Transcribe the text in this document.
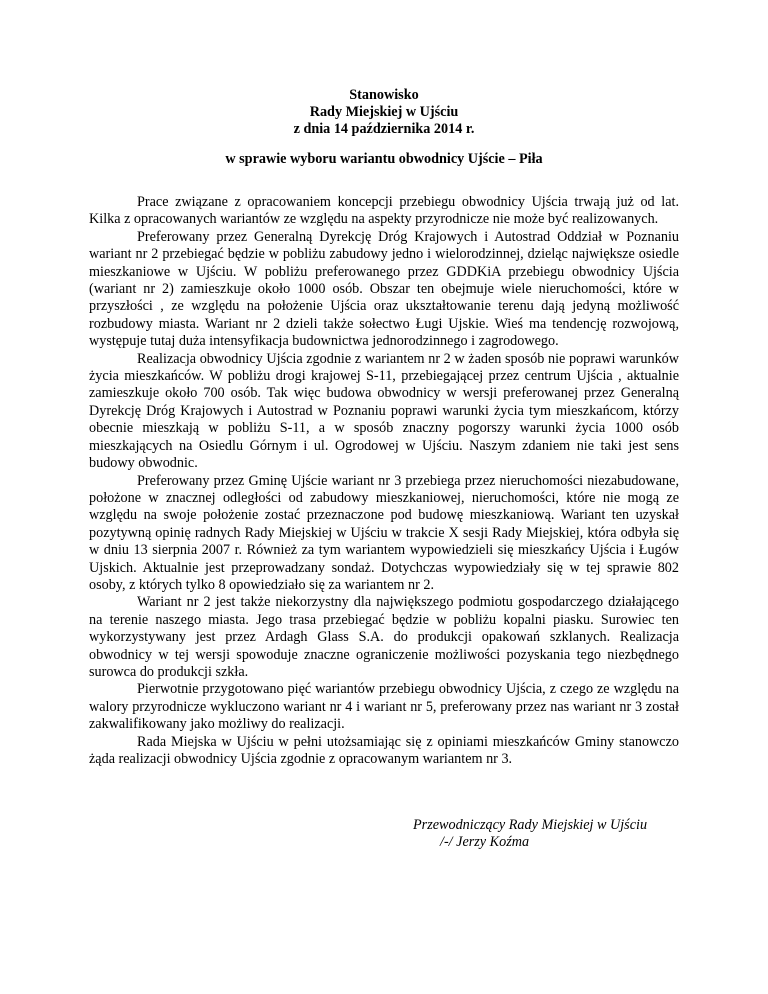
Stanowisko
Rady Miejskiej w Ujściu
z dnia 14 października 2014 r.
w sprawie wyboru wariantu obwodnicy Ujście – Piła

Prace związane z opracowaniem koncepcji przebiegu obwodnicy Ujścia trwają już od lat. Kilka z opracowanych wariantów ze względu na aspekty przyrodnicze nie może być realizowanych.

Preferowany przez Generalną Dyrekcję Dróg Krajowych i Autostrad Oddział w Poznaniu wariant nr 2 przebiegać będzie w pobliżu zabudowy jedno i wielorodzinnej, dzieląc największe osiedle mieszkaniowe w Ujściu. W pobliżu preferowanego przez GDDKiA przebiegu obwodnicy Ujścia (wariant nr 2) zamieszkuje około 1000 osób. Obszar ten obejmuje wiele nieruchomości, które w przyszłości , ze względu na położenie Ujścia oraz ukształtowanie terenu dają jedyną możliwość rozbudowy miasta. Wariant nr 2 dzieli także sołectwo Ługi Ujskie. Wieś ma tendencję rozwojową, występuje tutaj duża intensyfikacja budownictwa jednorodzinnego i zagrodowego.

Realizacja obwodnicy Ujścia zgodnie z wariantem nr 2 w żaden sposób nie poprawi warunków życia mieszkańców. W pobliżu drogi krajowej S-11, przebiegającej przez centrum Ujścia , aktualnie zamieszkuje około 700 osób. Tak więc budowa obwodnicy w wersji preferowanej przez Generalną Dyrekcję Dróg Krajowych i Autostrad w Poznaniu poprawi warunki życia tym mieszkańcom, którzy obecnie mieszkają w pobliżu S-11, a w sposób znaczny pogorszy warunki życia 1000 osób mieszkających na Osiedlu Górnym i ul. Ogrodowej w Ujściu. Naszym zdaniem nie taki jest sens budowy obwodnic.

Preferowany przez Gminę Ujście wariant nr 3 przebiega przez nieruchomości niezabudowane, położone w znacznej odległości od zabudowy mieszkaniowej, nieruchomości, które nie mogą ze względu na swoje położenie zostać przeznaczone pod budowę mieszkaniową. Wariant ten uzyskał pozytywną opinię radnych Rady Miejskiej w Ujściu w trakcie X sesji Rady Miejskiej, która odbyła się w dniu 13 sierpnia 2007 r. Również za tym wariantem wypowiedzieli się mieszkańcy Ujścia i Ługów Ujskich. Aktualnie jest przeprowadzany sondaż. Dotychczas wypowiedziały się w tej sprawie 802 osoby, z których tylko 8 opowiedziało się za wariantem nr 2.

Wariant nr 2 jest także niekorzystny dla największego podmiotu gospodarczego działającego na terenie naszego miasta. Jego trasa przebiegać będzie w pobliżu kopalni piasku. Surowiec ten wykorzystywany jest przez Ardagh Glass S.A. do produkcji opakowań szklanych. Realizacja obwodnicy w tej wersji spowoduje znaczne ograniczenie możliwości pozyskania tego niezbędnego surowca do produkcji szkła.

Pierwotnie przygotowano pięć wariantów przebiegu obwodnicy Ujścia, z czego ze względu na walory przyrodnicze wykluczono wariant nr 4 i wariant nr 5, preferowany przez nas wariant nr 3 został zakwalifikowany jako możliwy do realizacji.

Rada Miejska w Ujściu w pełni utożsamiając się z opiniami mieszkańców Gminy stanowczo żąda realizacji obwodnicy Ujścia zgodnie z opracowanym wariantem nr 3.

Przewodniczący Rady Miejskiej w Ujściu
/-/ Jerzy Koźma
